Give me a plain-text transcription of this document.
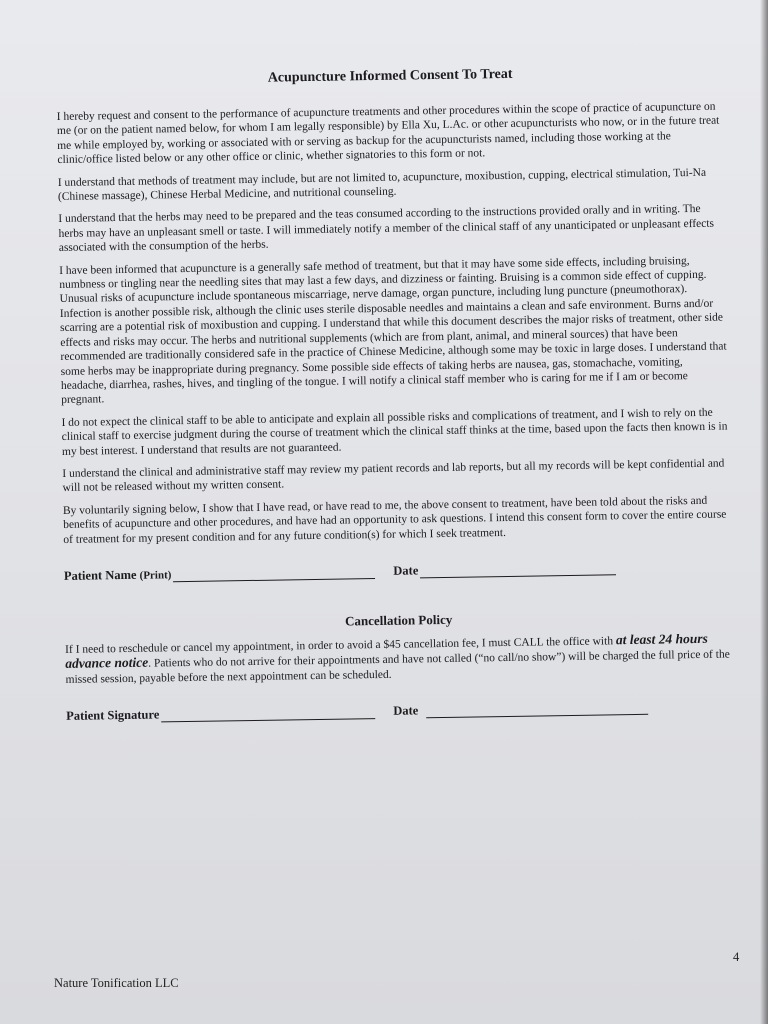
Acupuncture Informed Consent To Treat

I hereby request and consent to the performance of acupuncture treatments and other procedures within the scope of practice of acupuncture on me (or on the patient named below, for whom I am legally responsible) by Ella Xu, L.Ac. or other acupuncturists who now, or in the future treat me while employed by, working or associated with or serving as backup for the acupuncturists named, including those working at the clinic/office listed below or any other office or clinic, whether signatories to this form or not.

I understand that methods of treatment may include, but are not limited to, acupuncture, moxibustion, cupping, electrical stimulation, Tui-Na (Chinese massage), Chinese Herbal Medicine, and nutritional counseling.

I understand that the herbs may need to be prepared and the teas consumed according to the instructions provided orally and in writing. The herbs may have an unpleasant smell or taste. I will immediately notify a member of the clinical staff of any unanticipated or unpleasant effects associated with the consumption of the herbs.

I have been informed that acupuncture is a generally safe method of treatment, but that it may have some side effects, including bruising, numbness or tingling near the needling sites that may last a few days, and dizziness or fainting. Bruising is a common side effect of cupping. Unusual risks of acupuncture include spontaneous miscarriage, nerve damage, organ puncture, including lung puncture (pneumothorax). Infection is another possible risk, although the clinic uses sterile disposable needles and maintains a clean and safe environment. Burns and/or scarring are a potential risk of moxibustion and cupping. I understand that while this document describes the major risks of treatment, other side effects and risks may occur. The herbs and nutritional supplements (which are from plant, animal, and mineral sources) that have been recommended are traditionally considered safe in the practice of Chinese Medicine, although some may be toxic in large doses. I understand that some herbs may be inappropriate during pregnancy. Some possible side effects of taking herbs are nausea, gas, stomachache, vomiting, headache, diarrhea, rashes, hives, and tingling of the tongue. I will notify a clinical staff member who is caring for me if I am or become pregnant.

I do not expect the clinical staff to be able to anticipate and explain all possible risks and complications of treatment, and I wish to rely on the clinical staff to exercise judgment during the course of treatment which the clinical staff thinks at the time, based upon the facts then known is in my best interest. I understand that results are not guaranteed.

I understand the clinical and administrative staff may review my patient records and lab reports, but all my records will be kept confidential and will not be released without my written consent.

By voluntarily signing below, I show that I have read, or have read to me, the above consent to treatment, have been told about the risks and benefits of acupuncture and other procedures, and have had an opportunity to ask questions. I intend this consent form to cover the entire course of treatment for my present condition and for any future condition(s) for which I seek treatment.

Patient Name (Print)	Date
Cancellation Policy

If I need to reschedule or cancel my appointment, in order to avoid a $45 cancellation fee, I must CALL the office with at least 24 hours advance notice. Patients who do not arrive for their appointments and have not called (“no call/no show”) will be charged the full price of the missed session, payable before the next appointment can be scheduled.

Patient Signature	Date
4
Nature Tonification LLC
